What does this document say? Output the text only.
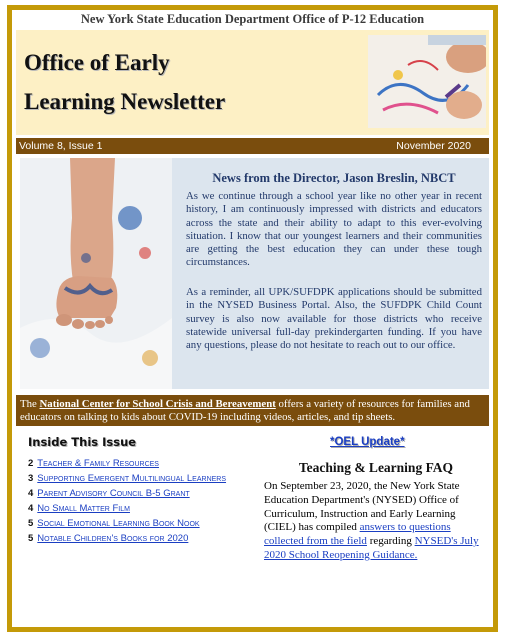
New York State Education Department Office of P-12 Education
Office of Early
Learning Newsletter
Volume 8, Issue 1	November 2020
News from the Director, Jason Breslin, NBCT
As we continue through a school year like no other year in recent history, I am continuously impressed with districts and educators across the state and their ability to adapt to this ever-evolving situation. I know that our youngest learners and their communities are getting the best education they can under these tough circumstances.
As a reminder, all UPK/SUFDPK applications should be submitted in the NYSED Business Portal. Also, the SUFDPK Child Count survey is also now available for those districts who receive statewide universal full-day prekindergarten funding. If you have any questions, please do not hesitate to reach out to our office.
The National Center for School Crisis and Bereavement offers a variety of resources for families and educators on talking to kids about COVID-19 including videos, articles, and tip sheets.
Inside This Issue
2 Teacher & Family Resources
3 Supporting Emergent Multilingual Learners
4 Parent Advisory Council B-5 Grant
4 No Small Matter Film
5 Social Emotional Learning Book Nook
5 Notable Children's Books for 2020
*OEL Update*
Teaching & Learning FAQ
On September 23, 2020, the New York State Education Department's (NYSED) Office of Curriculum, Instruction and Early Learning (CIEL) has compiled answers to questions collected from the field regarding NYSED's July 2020 School Reopening Guidance.
